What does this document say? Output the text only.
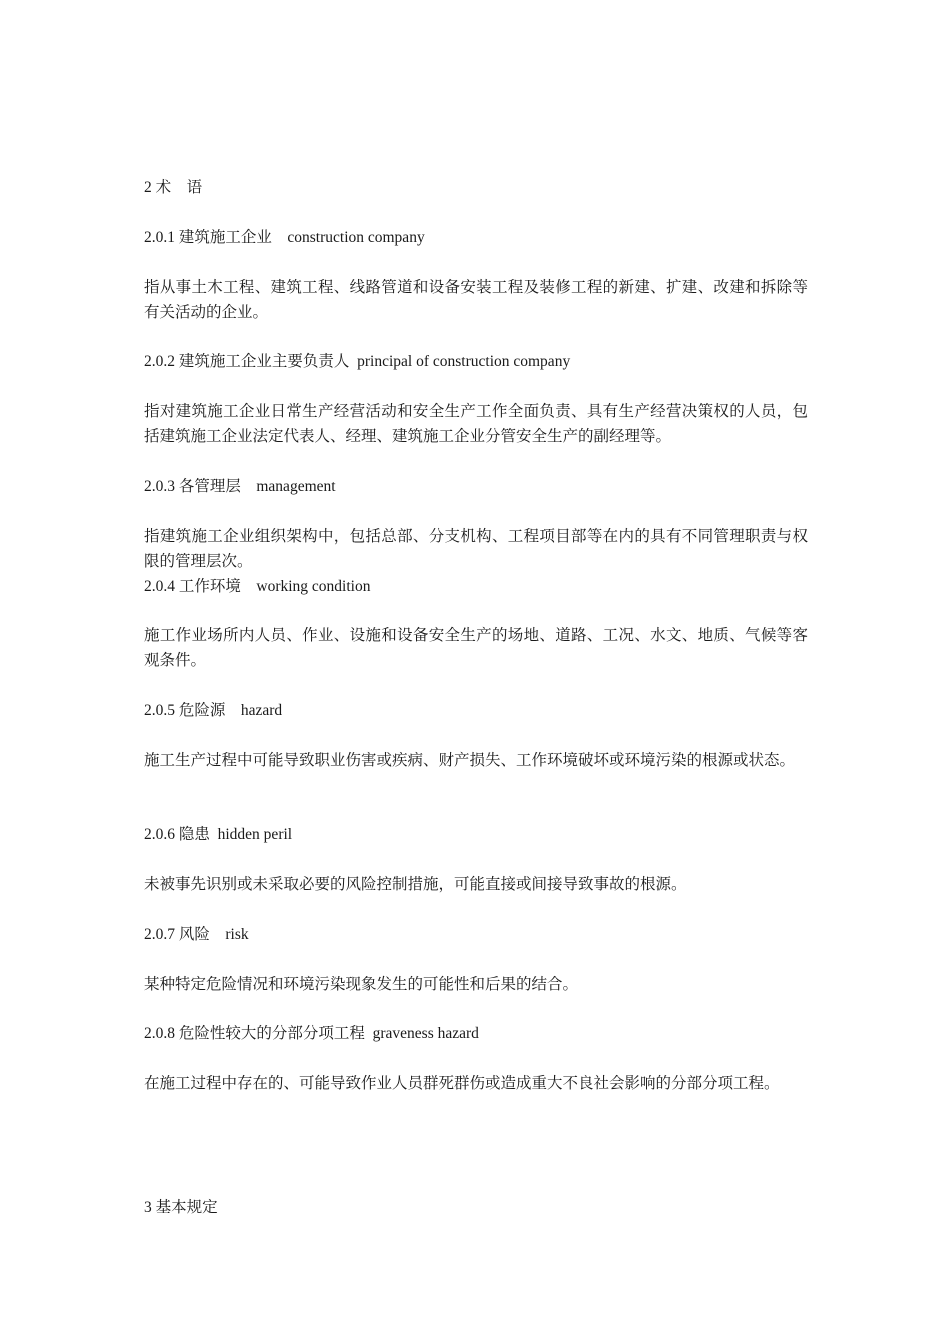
2 术　语
2.0.1 建筑施工企业　construction company
指从事土木工程、建筑工程、线路管道和设备安装工程及装修工程的新建、扩建、改建和拆除等有关活动的企业。
2.0.2 建筑施工企业主要负责人  principal of construction company
指对建筑施工企业日常生产经营活动和安全生产工作全面负责、具有生产经营决策权的人员，包括建筑施工企业法定代表人、经理、建筑施工企业分管安全生产的副经理等。
2.0.3 各管理层　management
指建筑施工企业组织架构中，包括总部、分支机构、工程项目部等在内的具有不同管理职责与权限的管理层次。
2.0.4 工作环境　working condition
施工作业场所内人员、作业、设施和设备安全生产的场地、道路、工况、水文、地质、气候等客观条件。
2.0.5 危险源　hazard
施工生产过程中可能导致职业伤害或疾病、财产损失、工作环境破坏或环境污染的根源或状态。
2.0.6 隐患  hidden peril
未被事先识别或未采取必要的风险控制措施，可能直接或间接导致事故的根源。
2.0.7 风险　risk
某种特定危险情况和环境污染现象发生的可能性和后果的结合。
2.0.8 危险性较大的分部分项工程  graveness hazard
在施工过程中存在的、可能导致作业人员群死群伤或造成重大不良社会影响的分部分项工程。
3 基本规定
